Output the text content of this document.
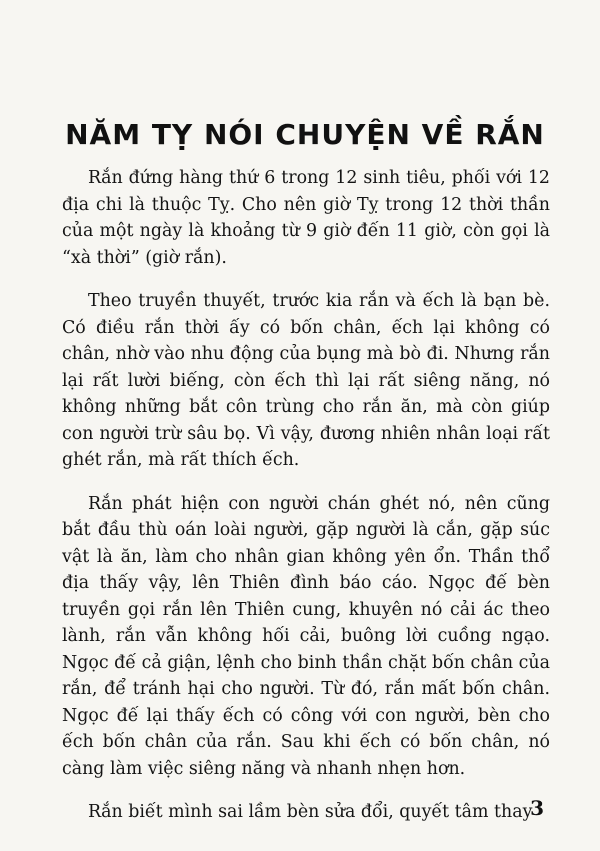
NĂM TỴ NÓI CHUYỆN VỀ RẮN

Rắn đứng hàng thứ 6 trong 12 sinh tiêu, phối với 12 địa chi là thuộc Tỵ. Cho nên giờ Tỵ trong 12 thời thần của một ngày là khoảng từ 9 giờ đến 11 giờ, còn gọi là “xà thời” (giờ rắn).

Theo truyền thuyết, trước kia rắn và ếch là bạn bè. Có điều rắn thời ấy có bốn chân, ếch lại không có chân, nhờ vào nhu động của bụng mà bò đi. Nhưng rắn lại rất lười biếng, còn ếch thì lại rất siêng năng, nó không những bắt côn trùng cho rắn ăn, mà còn giúp con người trừ sâu bọ. Vì vậy, đương nhiên nhân loại rất ghét rắn, mà rất thích ếch.

Rắn phát hiện con người chán ghét nó, nên cũng bắt đầu thù oán loài người, gặp người là cắn, gặp súc vật là ăn, làm cho nhân gian không yên ổn. Thần thổ địa thấy vậy, lên Thiên đình báo cáo. Ngọc đế bèn truyền gọi rắn lên Thiên cung, khuyên nó cải ác theo lành, rắn vẫn không hối cải, buông lời cuồng ngạo. Ngọc đế cả giận, lệnh cho binh thần chặt bốn chân của rắn, để tránh hại cho người. Từ đó, rắn mất bốn chân. Ngọc đế lại thấy ếch có công với con người, bèn cho ếch bốn chân của rắn. Sau khi ếch có bốn chân, nó càng làm việc siêng năng và nhanh nhẹn hơn.

Rắn biết mình sai lầm bèn sửa đổi, quyết tâm thay

3
